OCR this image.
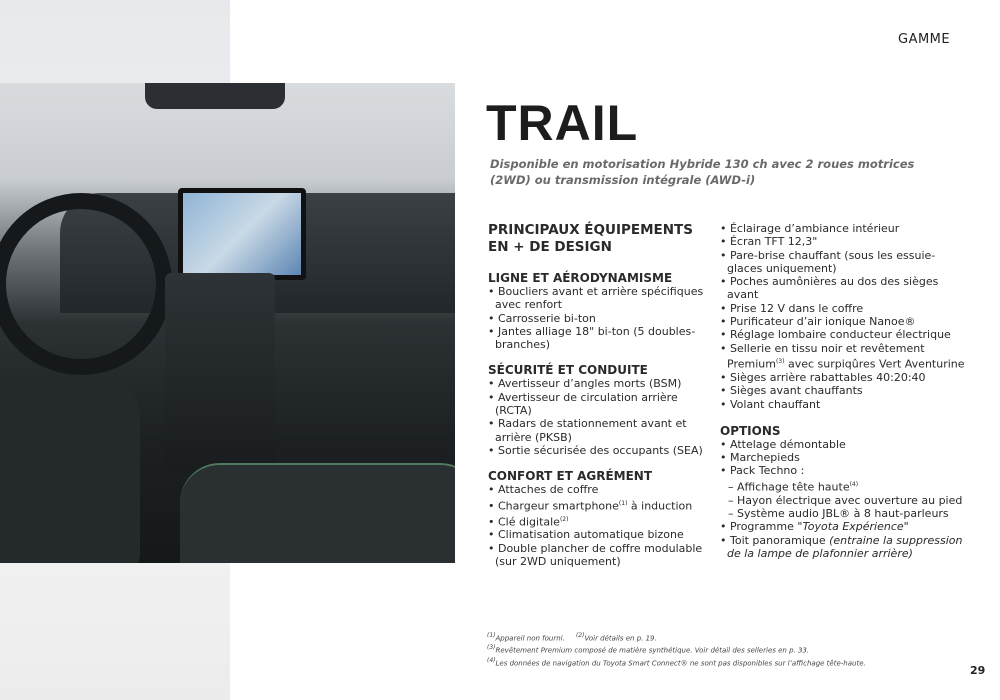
GAMME
TRAIL
Disponible en motorisation Hybride 130 ch avec 2 roues motrices (2WD) ou transmission intégrale (AWD-i)
PRINCIPAUX ÉQUIPEMENTS
EN + DE DESIGN
LIGNE ET AÉRODYNAMISME
• Boucliers avant et arrière spécifiques avec renfort
• Carrosserie bi-ton
• Jantes alliage 18" bi-ton (5 doubles-branches)
SÉCURITÉ ET CONDUITE
• Avertisseur d’angles morts (BSM)
• Avertisseur de circulation arrière (RCTA)
• Radars de stationnement avant et arrière (PKSB)
• Sortie sécurisée des occupants (SEA)
CONFORT ET AGRÉMENT
• Attaches de coffre
• Chargeur smartphone$^{(1)}$ à induction
• Clé digitale$^{(2)}$
• Climatisation automatique bizone
• Double plancher de coffre modulable (sur 2WD uniquement)
• Éclairage d’ambiance intérieur
• Écran TFT 12,3"
• Pare-brise chauffant (sous les essuie-glaces uniquement)
• Poches aumônières au dos des sièges avant
• Prise 12 V dans le coffre
• Purificateur d’air ionique Nanoe®
• Réglage lombaire conducteur électrique
• Sellerie en tissu noir et revêtement Premium$^{(3)}$ avec surpiqûres Vert Aventurine
• Sièges arrière rabattables 40:20:40
• Sièges avant chauffants
• Volant chauffant
OPTIONS
• Attelage démontable
• Marchepieds
• Pack Techno :
– Affichage tête haute$^{(4)}$
– Hayon électrique avec ouverture au pied
– Système audio JBL® à 8 haut-parleurs
• Programme "Toyota Expérience"
• Toit panoramique (entraine la suppression de la lampe de plafonnier arrière)
$^{(1)}$Appareil non fourni. $^{(2)}$Voir détails en p. 19.
$^{(3)}$Revêtement Premium composé de matière synthétique. Voir détail des selleries en p. 33.
$^{(4)}$Les données de navigation du Toyota Smart Connect® ne sont pas disponibles sur l’affichage tête-haute.
29
